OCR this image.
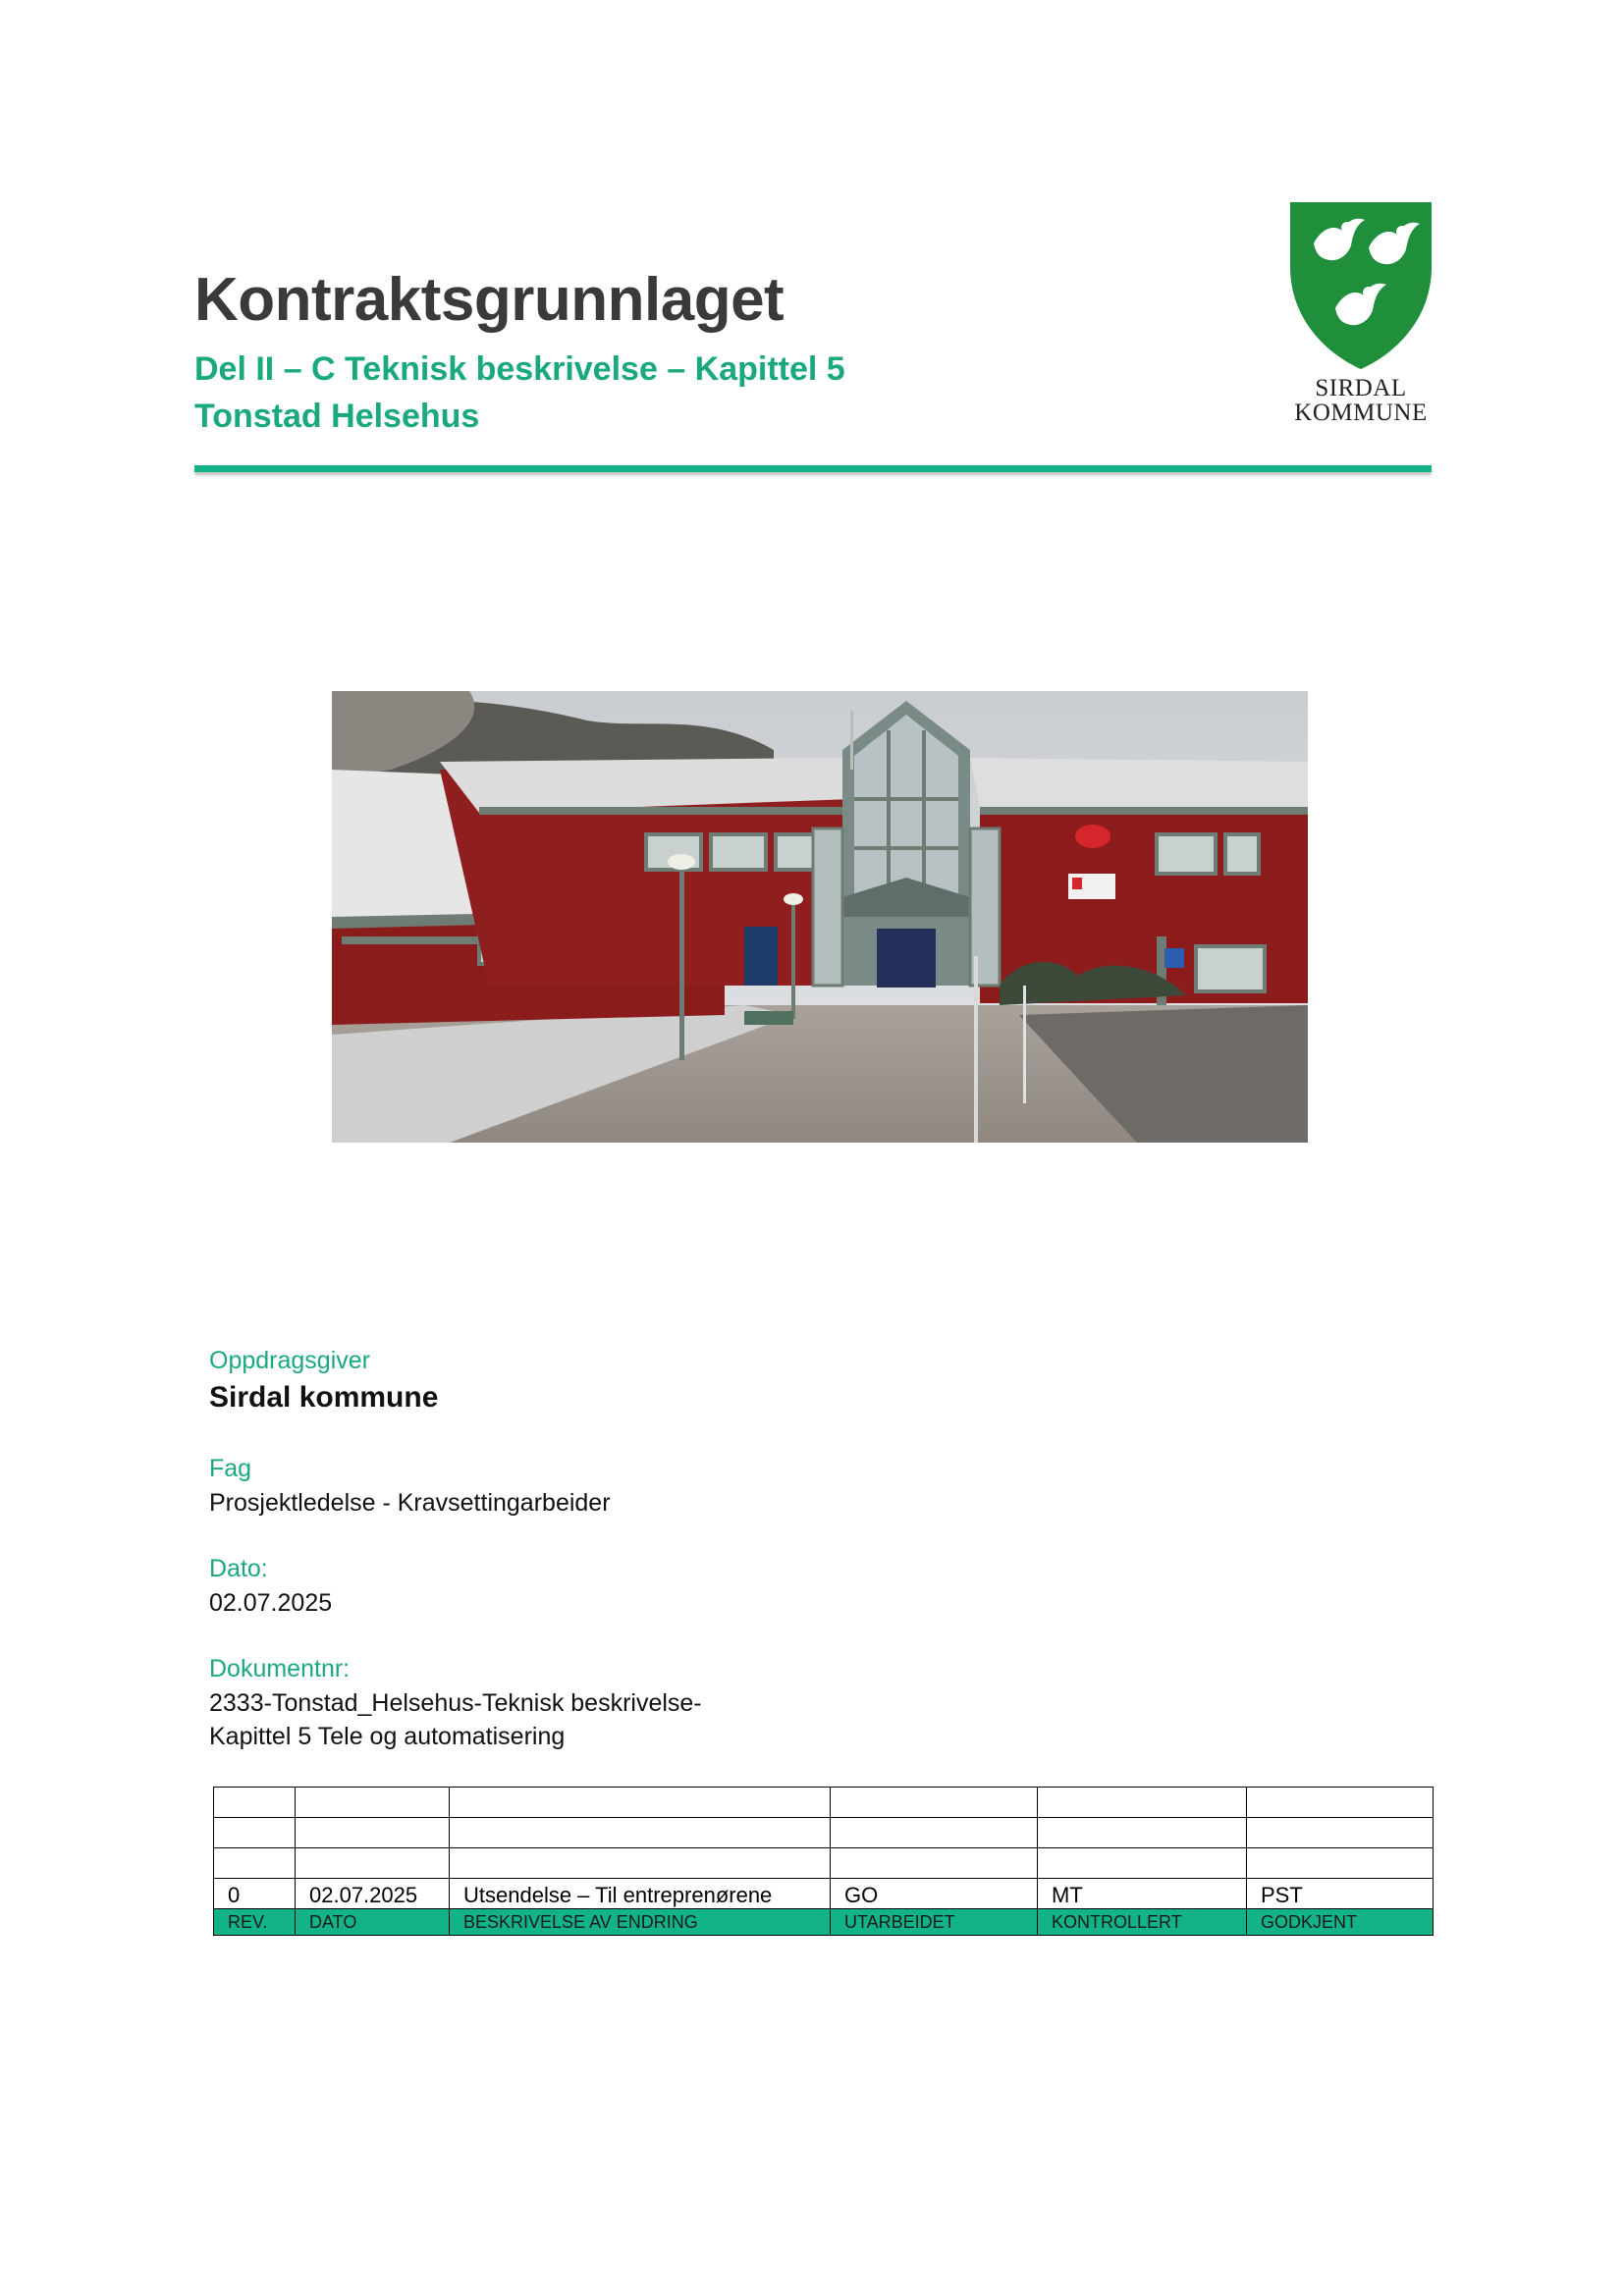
Kontraktsgrunnlaget
Del II – C Teknisk beskrivelse – Kapittel 5
Tonstad Helsehus
SIRDAL
KOMMUNE
Oppdragsgiver
Sirdal kommune
Fag
Prosjektledelse - Kravsettingarbeider
Dato:
02.07.2025
Dokumentnr:
2333-Tonstad_Helsehus-Teknisk beskrivelse-
Kapittel 5 Tele og automatisering

0	02.07.2025	Utsendelse – Til entreprenørene	GO	MT	PST
REV.	DATO	BESKRIVELSE AV ENDRING	UTARBEIDET	KONTROLLERT	GODKJENT
